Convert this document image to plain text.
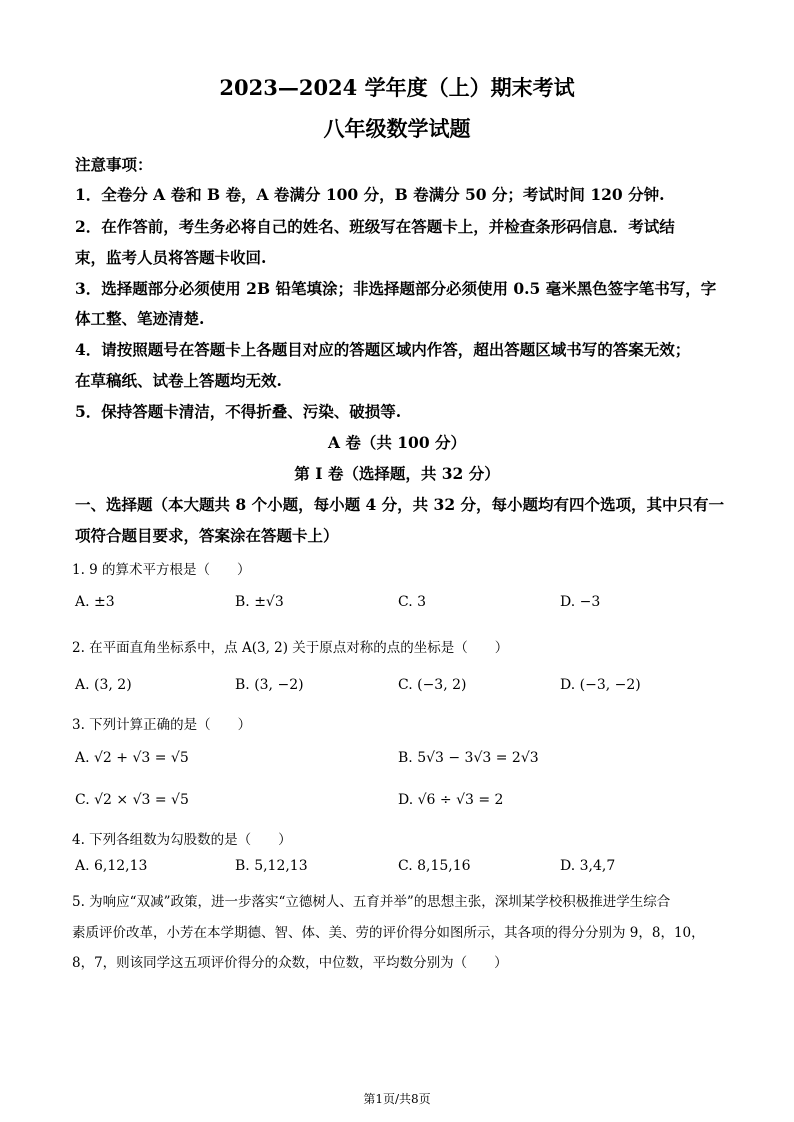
2023—2024 学年度（上）期末考试
八年级数学试题
注意事项：
1．全卷分 A 卷和 B 卷，A 卷满分 100 分，B 卷满分 50 分；考试时间 120 分钟.
2．在作答前，考生务必将自己的姓名、班级写在答题卡上，并检查条形码信息．考试结
束，监考人员将答题卡收回.
3．选择题部分必须使用 2B 铅笔填涂；非选择题部分必须使用 0.5 毫米黑色签字笔书写，字
体工整、笔迹清楚.
4．请按照题号在答题卡上各题目对应的答题区域内作答，超出答题区域书写的答案无效；
在草稿纸、试卷上答题均无效.
5．保持答题卡清洁，不得折叠、污染、破损等.
A 卷（共 100 分）
第 I 卷（选择题，共 32 分）
一、选择题（本大题共 8 个小题，每小题 4 分，共 32 分，每小题均有四个选项，其中只有一
项符合题目要求，答案涂在答题卡上）
1. 9 的算术平方根是（　　）
A. ±3	B. ±√3	C. 3	D. −3
2. 在平面直角坐标系中，点 A(3, 2) 关于原点对称的点的坐标是（　　）
A. (3, 2)	B. (3, −2)	C. (−3, 2)	D. (−3, −2)
3. 下列计算正确的是（　　）
A. √2 + √3 = √5	B. 5√3 − 3√3 = 2√3
C. √2 × √3 = √5	D. √6 ÷ √3 = 2
4. 下列各组数为勾股数的是（　　）
A. 6,12,13	B. 5,12,13	C. 8,15,16	D. 3,4,7
5. 为响应“双减”政策，进一步落实“立德树人、五育并举”的思想主张，深圳某学校积极推进学生综合
素质评价改革，小芳在本学期德、智、体、美、劳的评价得分如图所示，其各项的得分分别为 9，8，10，
8，7，则该同学这五项评价得分的众数，中位数，平均数分别为（　　）
第1页/共8页
